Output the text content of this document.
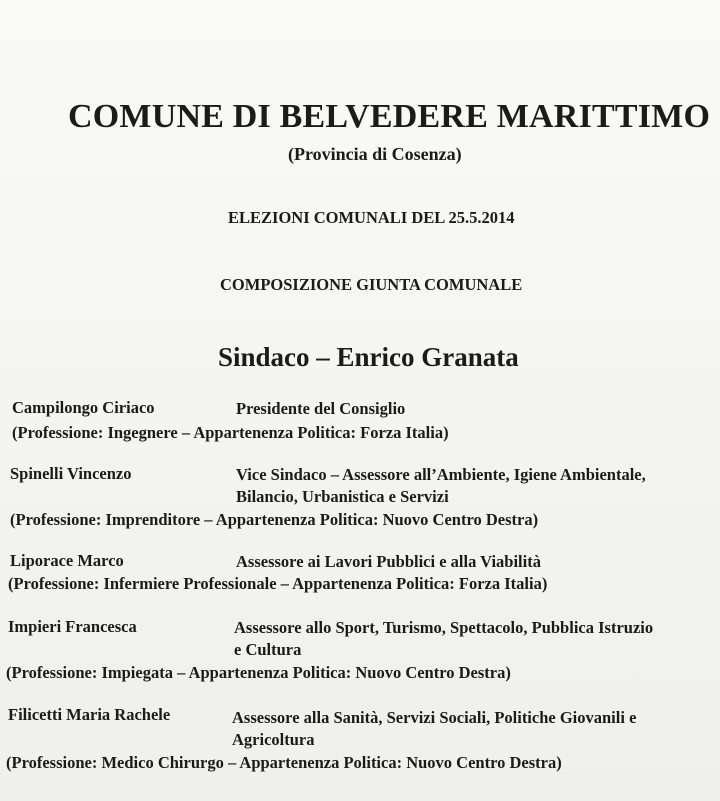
COMUNE DI BELVEDERE MARITTIMO
(Provincia di Cosenza)
ELEZIONI COMUNALI DEL 25.5.2014
COMPOSIZIONE GIUNTA COMUNALE
Sindaco – Enrico Granata
Campilongo Ciriaco	Presidente del Consiglio
(Professione: Ingegnere – Appartenenza Politica: Forza Italia)
Spinelli Vincenzo	Vice Sindaco – Assessore all’Ambiente, Igiene Ambientale,
Bilancio, Urbanistica e Servizi
(Professione: Imprenditore – Appartenenza Politica: Nuovo Centro Destra)
Liporace Marco	Assessore ai Lavori Pubblici e alla Viabilità
(Professione: Infermiere Professionale – Appartenenza Politica: Forza Italia)
Impieri Francesca	Assessore allo Sport, Turismo, Spettacolo, Pubblica Istruzio
e Cultura
(Professione: Impiegata – Appartenenza Politica: Nuovo Centro Destra)
Filicetti Maria Rachele	Assessore alla Sanità, Servizi Sociali, Politiche Giovanili e
Agricoltura
(Professione: Medico Chirurgo – Appartenenza Politica: Nuovo Centro Destra)
